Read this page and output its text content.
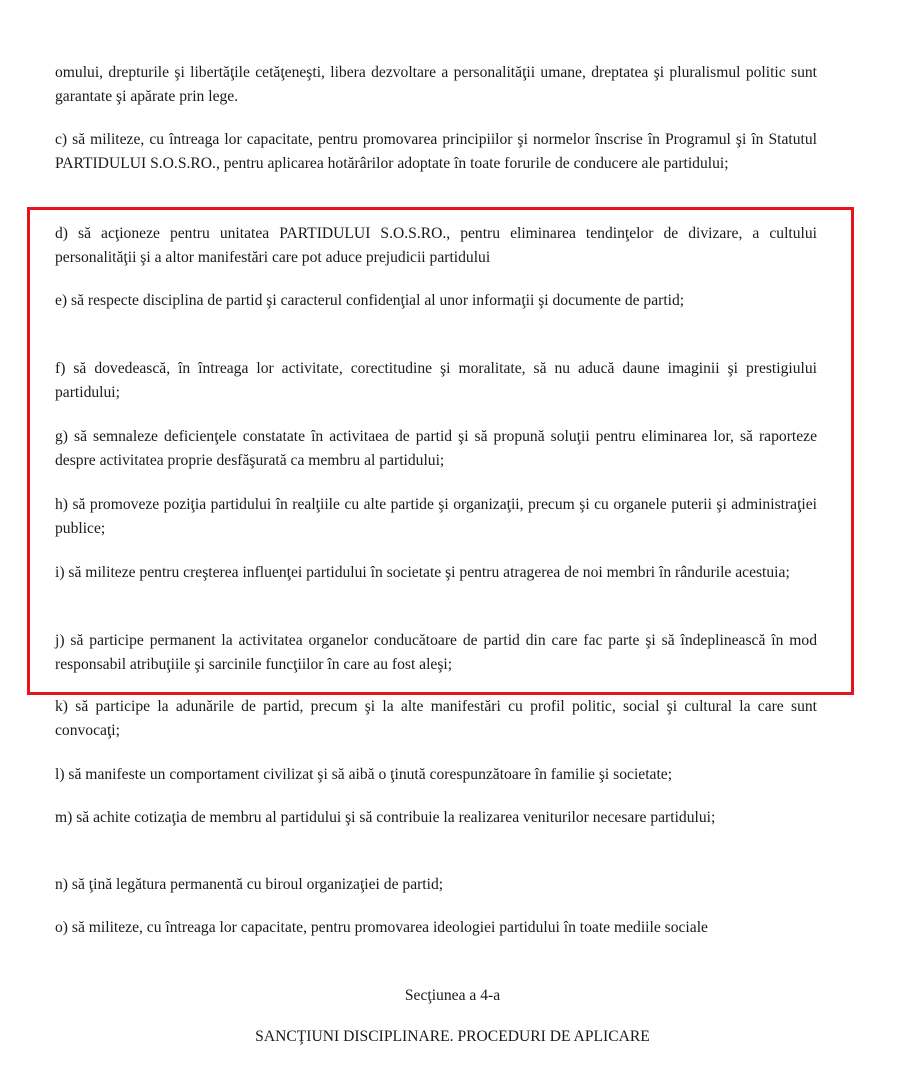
omului, drepturile şi libertăţile cetăţeneşti, libera dezvoltare a personalităţii umane, dreptatea şi pluralismul politic sunt garantate şi apărate prin lege.

c) să militeze, cu întreaga lor capacitate, pentru promovarea principiilor şi normelor înscrise în Programul şi în Statutul PARTIDULUI S.O.S.RO., pentru aplicarea hotărârilor adoptate în toate forurile de conducere ale partidului;

d) să acţioneze pentru unitatea PARTIDULUI S.O.S.RO., pentru eliminarea tendinţelor de divizare, a cultului personalităţii şi a altor manifestări care pot aduce prejudicii partidului

e) să respecte disciplina de partid şi caracterul confidenţial al unor informaţii şi documente de partid;

f) să dovedească, în întreaga lor activitate, corectitudine şi moralitate, să nu aducă daune imaginii şi prestigiului partidului;

g) să semnaleze deficienţele constatate în activitaea de partid şi să propună soluţii pentru eliminarea lor, să raporteze despre activitatea proprie desfăşurată ca membru al partidului;

h) să promoveze poziţia partidului în realţiile cu alte partide şi organizaţii, precum şi cu organele puterii şi administraţiei publice;

i) să militeze pentru creşterea influenţei partidului în societate şi pentru atragerea de noi membri în rândurile acestuia;

j) să participe permanent la activitatea organelor conducătoare de partid din care fac parte şi să îndeplinească în mod responsabil atribuţiile şi sarcinile funcţiilor în care au fost aleşi;

k) să participe la adunările de partid, precum şi la alte manifestări cu profil politic, social şi cultural la care sunt convocaţi;

l) să manifeste un comportament civilizat şi să aibă o ţinută corespunzătoare în familie şi societate;

m) să achite cotizaţia de membru al partidului şi să contribuie la realizarea veniturilor necesare partidului;

n) să ţină legătura permanentă cu biroul organizaţiei de partid;

o) să militeze, cu întreaga lor capacitate, pentru promovarea ideologiei partidului în toate mediile sociale

Secţiunea a 4-a

SANCŢIUNI DISCIPLINARE. PROCEDURI DE APLICARE
